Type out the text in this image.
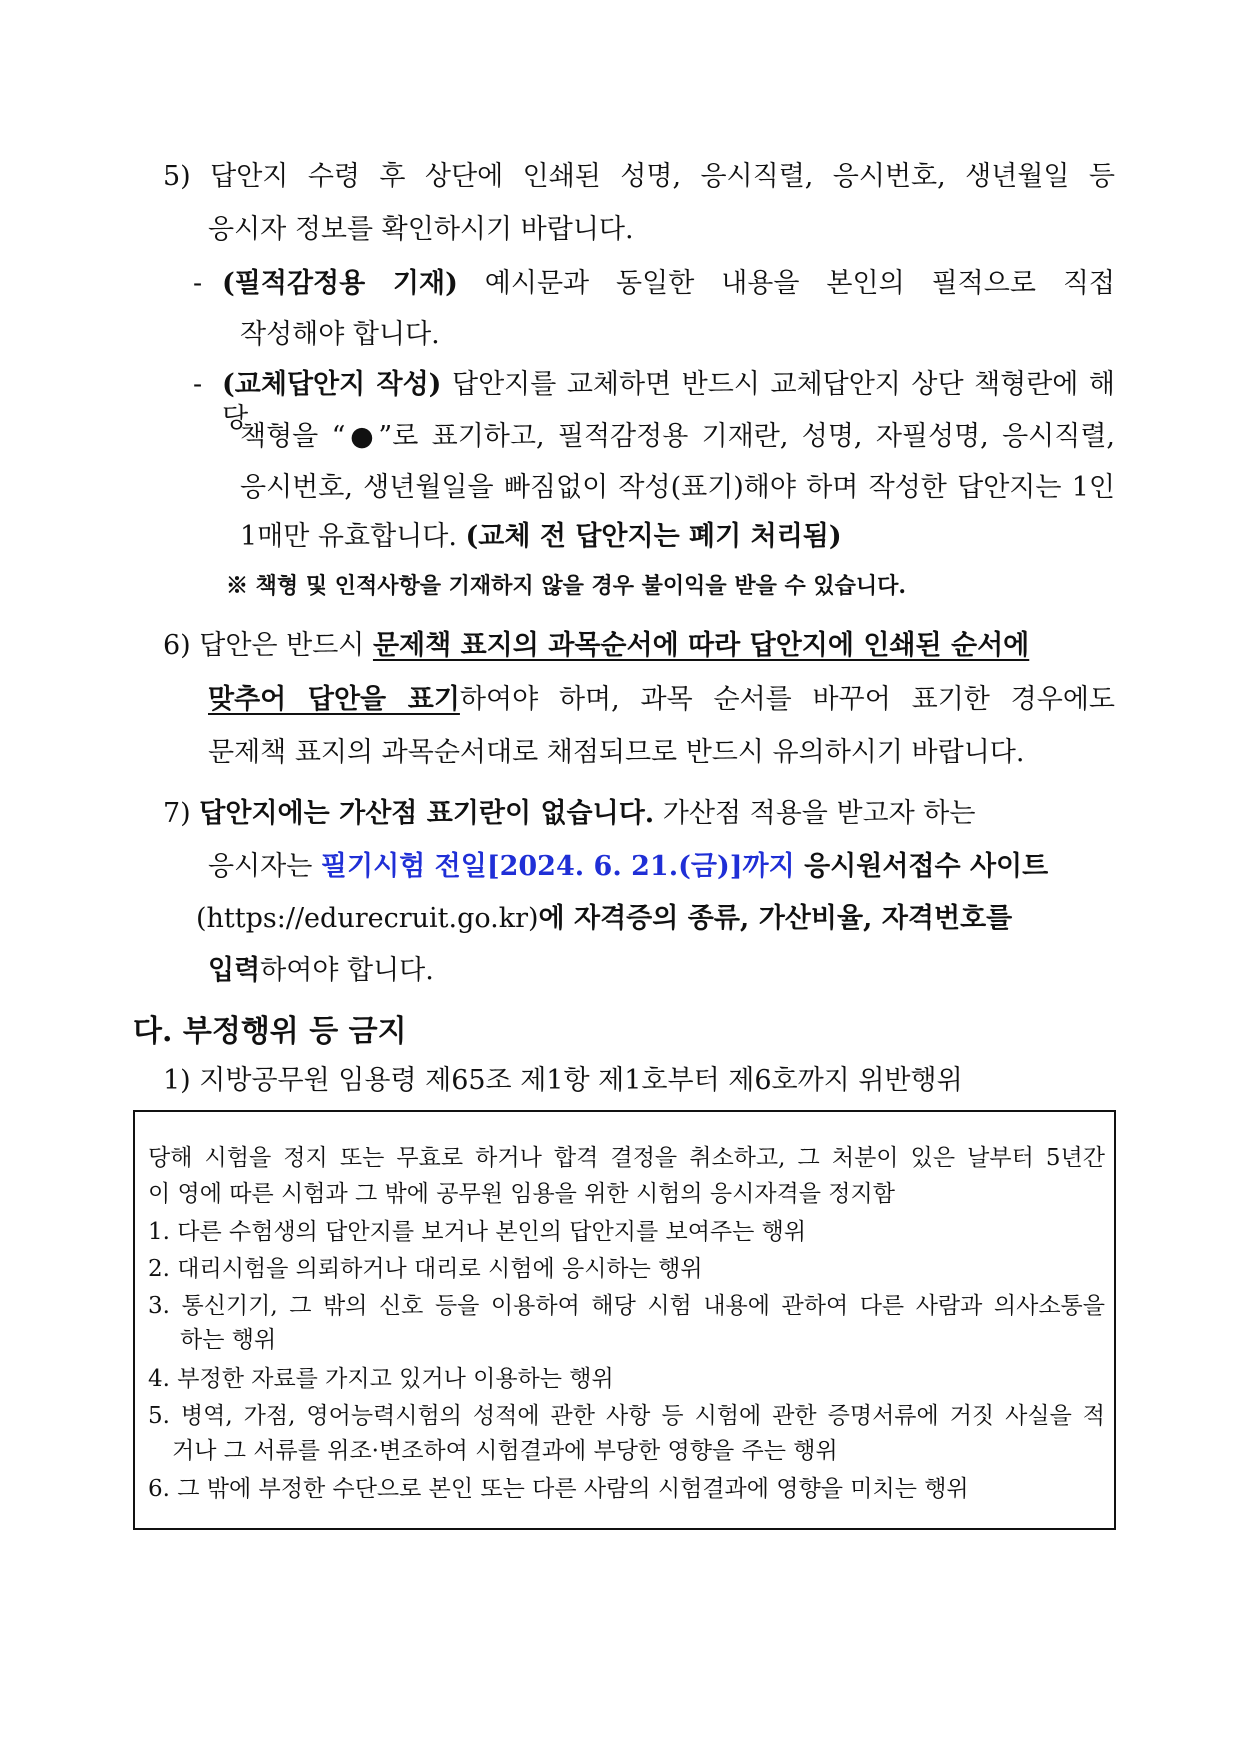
5) 답안지 수령 후 상단에 인쇄된 성명, 응시직렬, 응시번호, 생년월일 등
응시자 정보를 확인하시기 바랍니다.
- (필적감정용 기재) 예시문과 동일한 내용을 본인의 필적으로 직접
작성해야 합니다.
- (교체답안지 작성) 답안지를 교체하면 반드시 교체답안지 상단 책형란에 해당
책형을 “●”로 표기하고, 필적감정용 기재란, 성명, 자필성명, 응시직렬,
응시번호, 생년월일을 빠짐없이 작성(표기)해야 하며 작성한 답안지는 1인
1매만 유효합니다. (교체 전 답안지는 폐기 처리됨)
※ 책형 및 인적사항을 기재하지 않을 경우 불이익을 받을 수 있습니다.
6) 답안은 반드시 문제책 표지의 과목순서에 따라 답안지에 인쇄된 순서에
맞추어 답안을 표기하여야 하며, 과목 순서를 바꾸어 표기한 경우에도
문제책 표지의 과목순서대로 채점되므로 반드시 유의하시기 바랍니다.
7) 답안지에는 가산점 표기란이 없습니다. 가산점 적용을 받고자 하는
응시자는 필기시험 전일[2024. 6. 21.(금)]까지 응시원서접수 사이트
(https://edurecruit.go.kr)에 자격증의 종류, 가산비율, 자격번호를
입력하여야 합니다.
다. 부정행위 등 금지
1) 지방공무원 임용령 제65조 제1항 제1호부터 제6호까지 위반행위
당해 시험을 정지 또는 무효로 하거나 합격 결정을 취소하고, 그 처분이 있은 날부터 5년간
이 영에 따른 시험과 그 밖에 공무원 임용을 위한 시험의 응시자격을 정지함
1. 다른 수험생의 답안지를 보거나 본인의 답안지를 보여주는 행위
2. 대리시험을 의뢰하거나 대리로 시험에 응시하는 행위
3. 통신기기, 그 밖의 신호 등을 이용하여 해당 시험 내용에 관하여 다른 사람과 의사소통을
하는 행위
4. 부정한 자료를 가지고 있거나 이용하는 행위
5. 병역, 가점, 영어능력시험의 성적에 관한 사항 등 시험에 관한 증명서류에 거짓 사실을 적
거나 그 서류를 위조·변조하여 시험결과에 부당한 영향을 주는 행위
6. 그 밖에 부정한 수단으로 본인 또는 다른 사람의 시험결과에 영향을 미치는 행위
